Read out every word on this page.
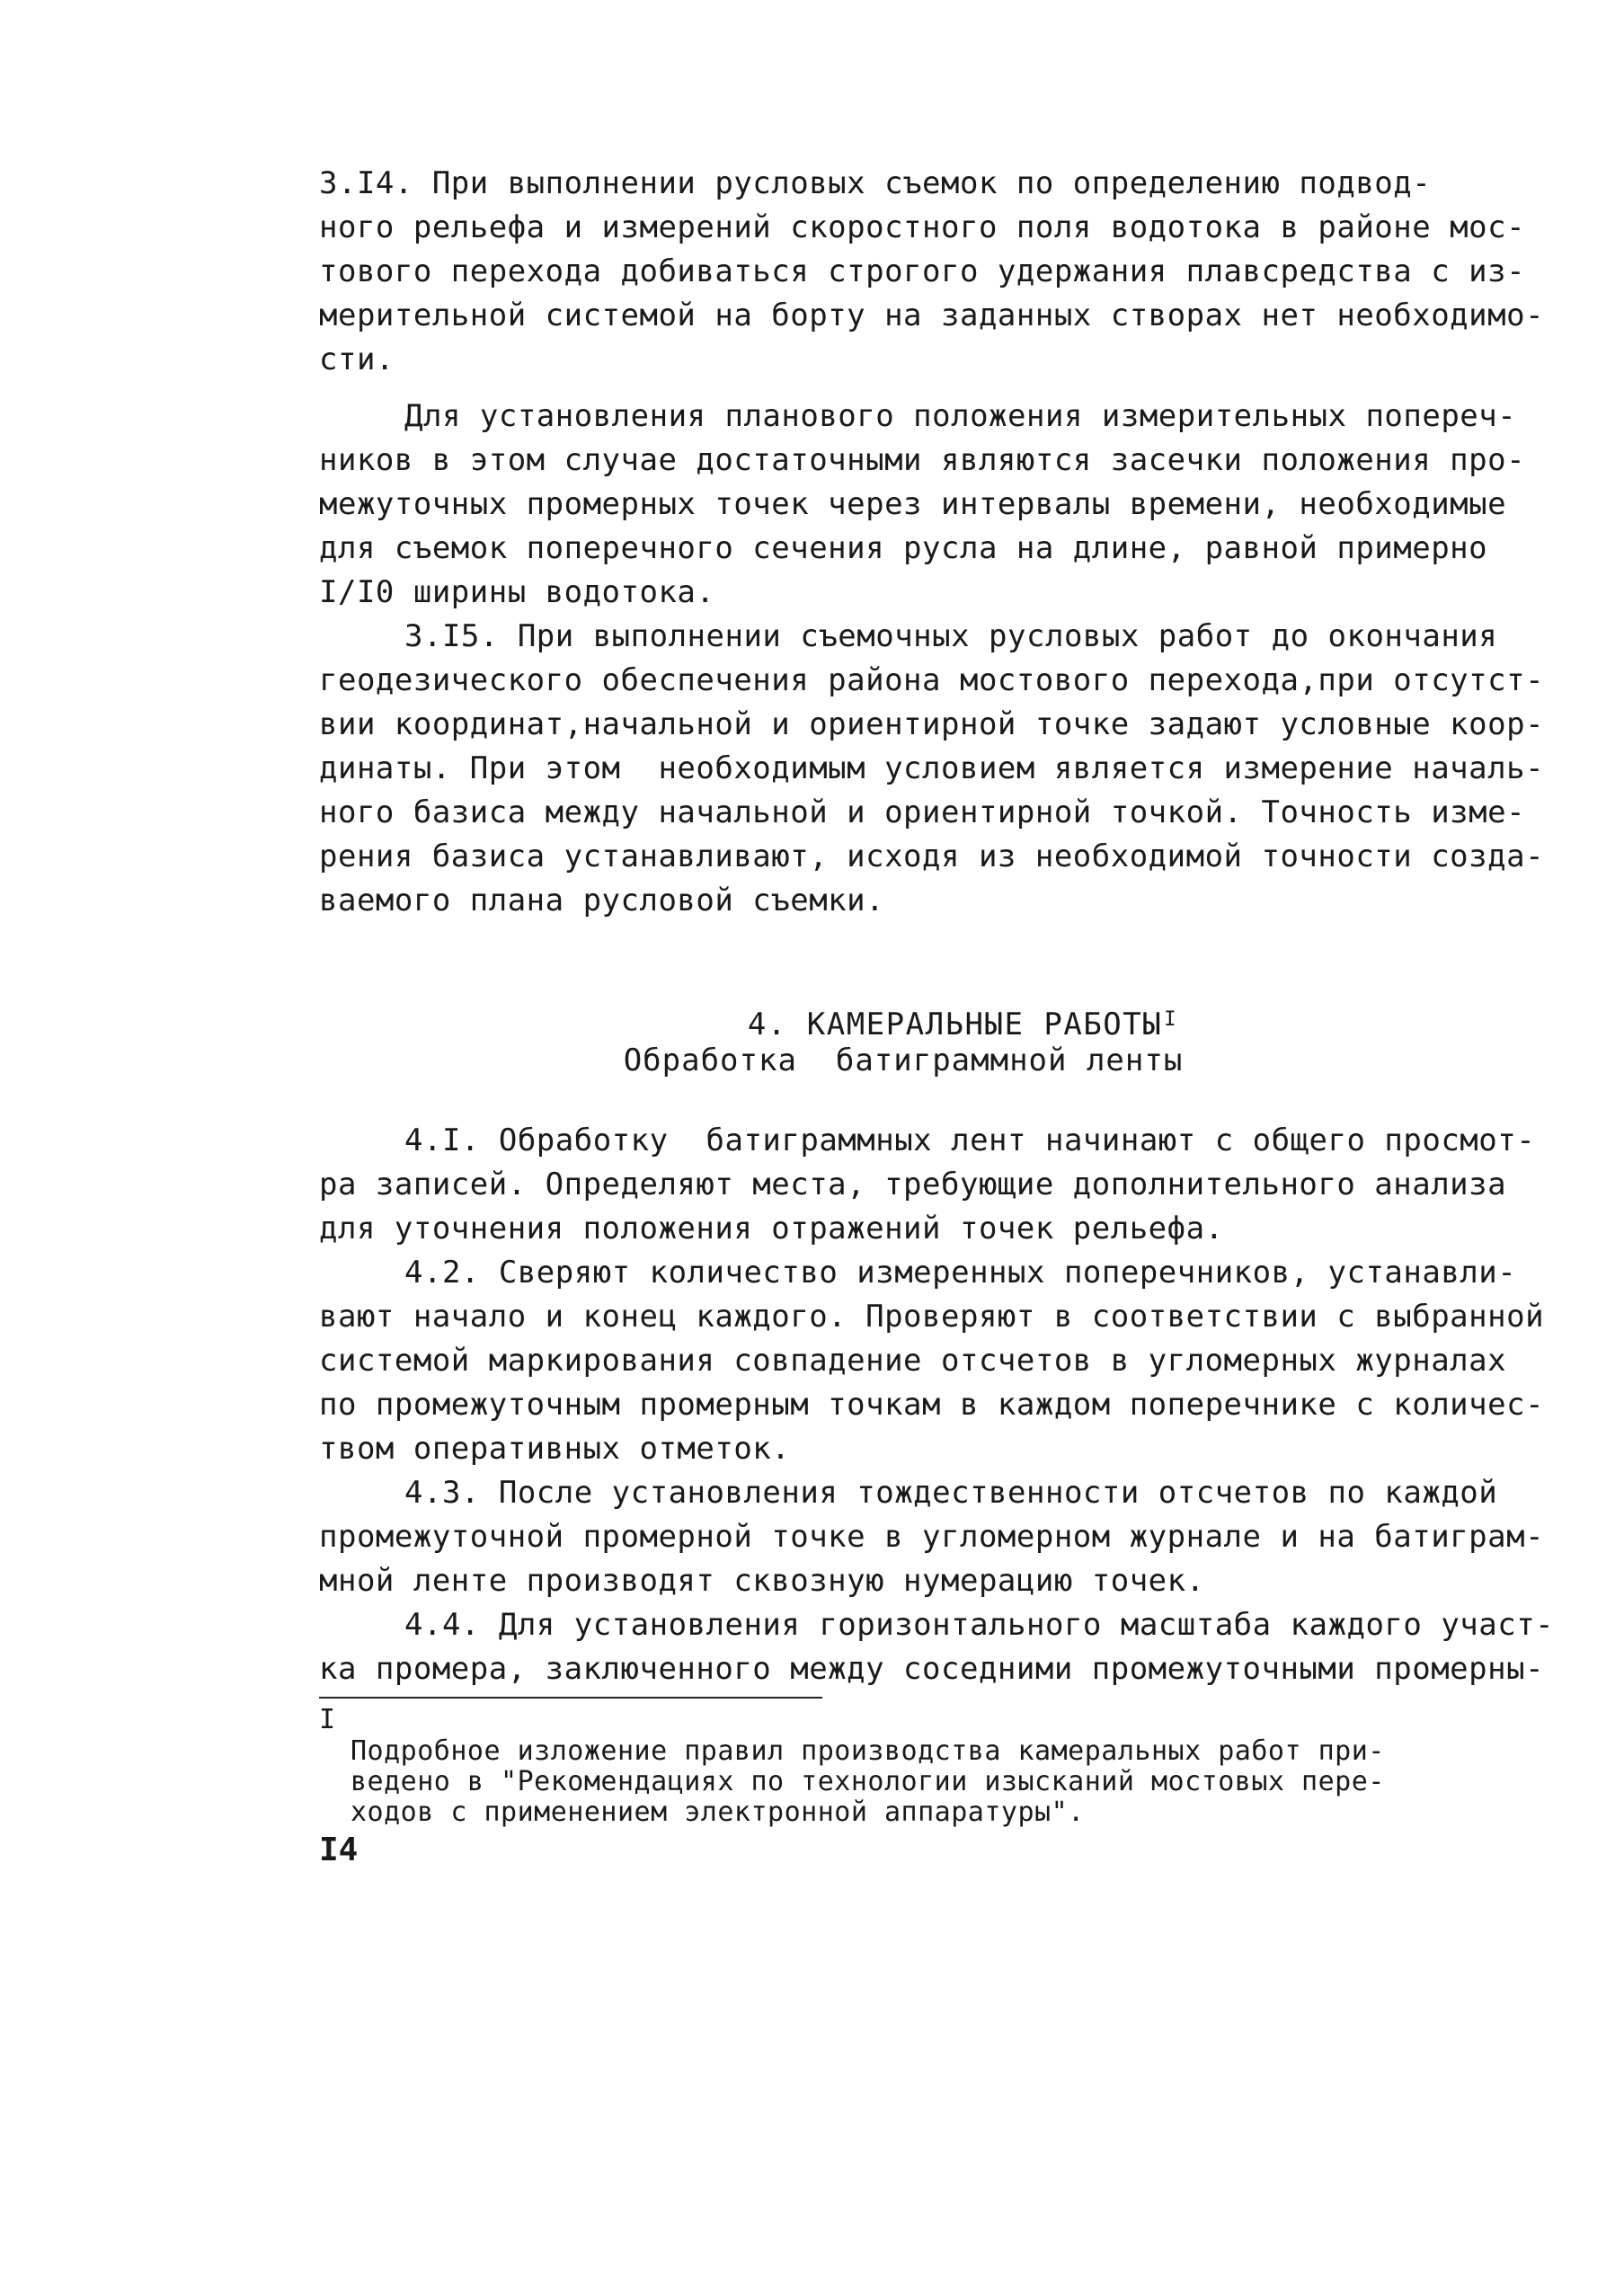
3.I4. При выполнении русловых съемок по определению подвод-
ного рельефа и измерений скоростного поля водотока в районе мос-
тового перехода добиваться строгого удержания плавсредства с из-
мерительной системой на борту на заданных створах нет необходимо-
сти.
Для установления планового положения измерительных попереч-
ников в этом случае достаточными являются засечки положения про-
межуточных промерных точек через интервалы времени, необходимые
для съемок поперечного сечения русла на длине, равной примерно
I/I0 ширины водотока.
3.I5. При выполнении съемочных русловых работ до окончания
геодезического обеспечения района мостового перехода,при отсутст-
вии координат,начальной и ориентирной точке задают условные коор-
динаты. При этом  необходимым условием является измерение началь-
ного базиса между начальной и ориентирной точкой. Точность изме-
рения базиса устанавливают, исходя из необходимой точности созда-
ваемого плана русловой съемки.

4. КАМЕРАЛЬНЫЕ $РАБОТЫ^I$

Обработка  батиграммной ленты
4.I. Обработку  батиграммных лент начинают с общего просмот-
ра записей. Определяют места, требующие дополнительного анализа
для уточнения положения отражений точек рельефа.
4.2. Сверяют количество измеренных поперечников, устанавли-
вают начало и конец каждого. Проверяют в соответствии с выбранной
системой маркирования совпадение отсчетов в угломерных журналах
по промежуточным промерным точкам в каждом поперечнике с количес-
твом оперативных отметок.
4.3. После установления тождественности отсчетов по каждой
промежуточной промерной точке в угломерном журнале и на батиграм-
мной ленте производят сквозную нумерацию точек.
4.4. Для установления горизонтального масштаба каждого участ-
ка промера, заключенного между соседними промежуточными промерны-
I
Подробное изложение правил производства камеральных работ при-
ведено в "Рекомендациях по технологии изысканий мостовых пере-
ходов с применением электронной аппаратуры".
I4
